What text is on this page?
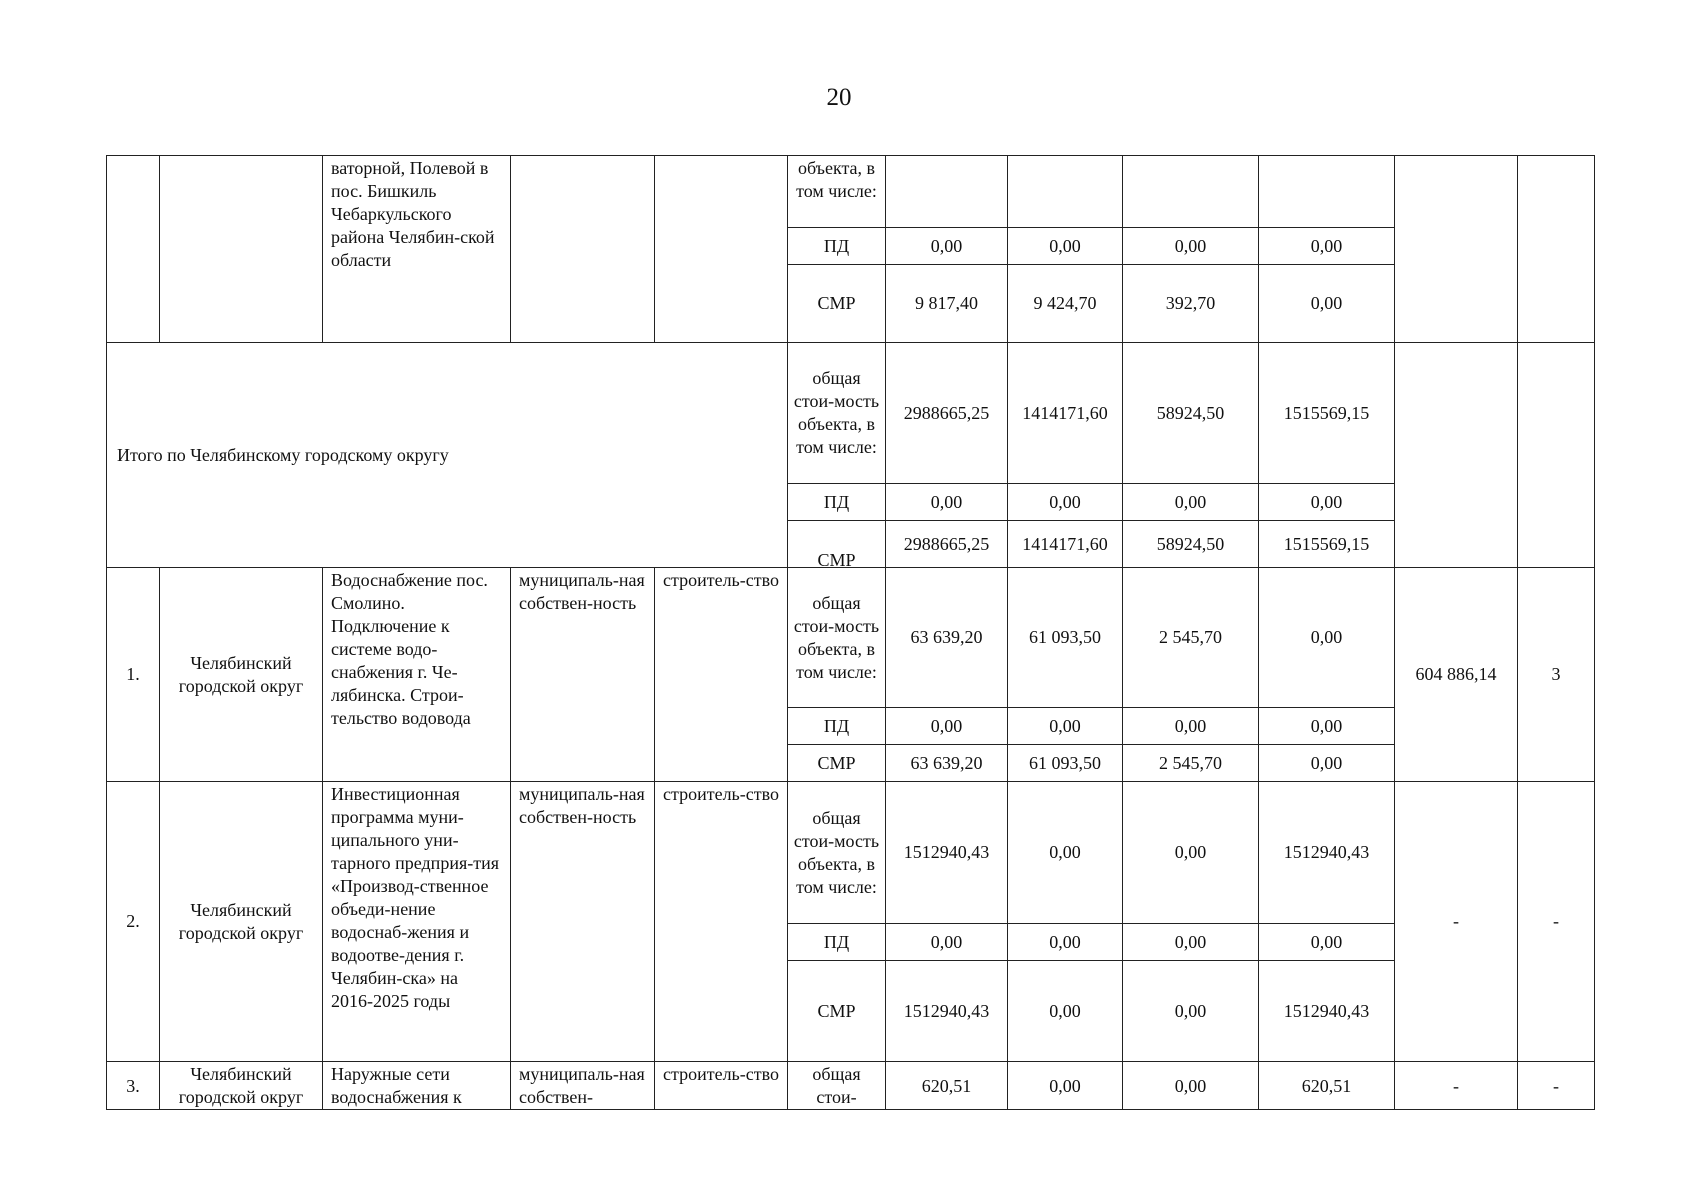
20
		ваторной, Полевой в пос. Бишкиль Чебаркульского района Челябин-ской области			объекта, в том числе:						
					ПД	0,00	0,00	0,00	0,00		
					СМР	9 817,40	9 424,70	392,70	0,00		
Итого по Челябинскому городскому округу					общая стои-мость объекта, в том числе:	2988665,25	1414171,60	58924,50	1515569,15		
					ПД	0,00	0,00	0,00	0,00		

					СМР	2988665,25	1414171,60	58924,50	1515569,15		
1.	Челябинский городской округ	Водоснабжение пос. Смолино. Подключение к системе водо-снабжения г. Че-лябинска. Строи-тельство водовода	муниципаль-ная собствен-ность	строитель-ство	общая стои-мость объекта, в том числе:	63 639,20	61 093,50	2 545,70	0,00	604 886,14	3
					ПД	0,00	0,00	0,00	0,00		
					СМР	63 639,20	61 093,50	2 545,70	0,00		
2.	Челябинский городской округ	Инвестиционная программа муни-ципального уни-тарного предприя-тия «Производ-ственное объеди-нение водоснаб-жения и водоотве-дения г. Челябин-ска» на 2016-2025 годы	муниципаль-ная собствен-ность	строитель-ство	общая стои-мость объекта, в том числе:	1512940,43	0,00	0,00	1512940,43	-	-
					ПД	0,00	0,00	0,00	0,00		
					СМР	1512940,43	0,00	0,00	1512940,43		
3.	Челябинский городской округ	Наружные сети водоснабжения к	муниципаль-ная собствен-	строитель-ство	общая стои-	620,51	0,00	0,00	620,51	-	-
